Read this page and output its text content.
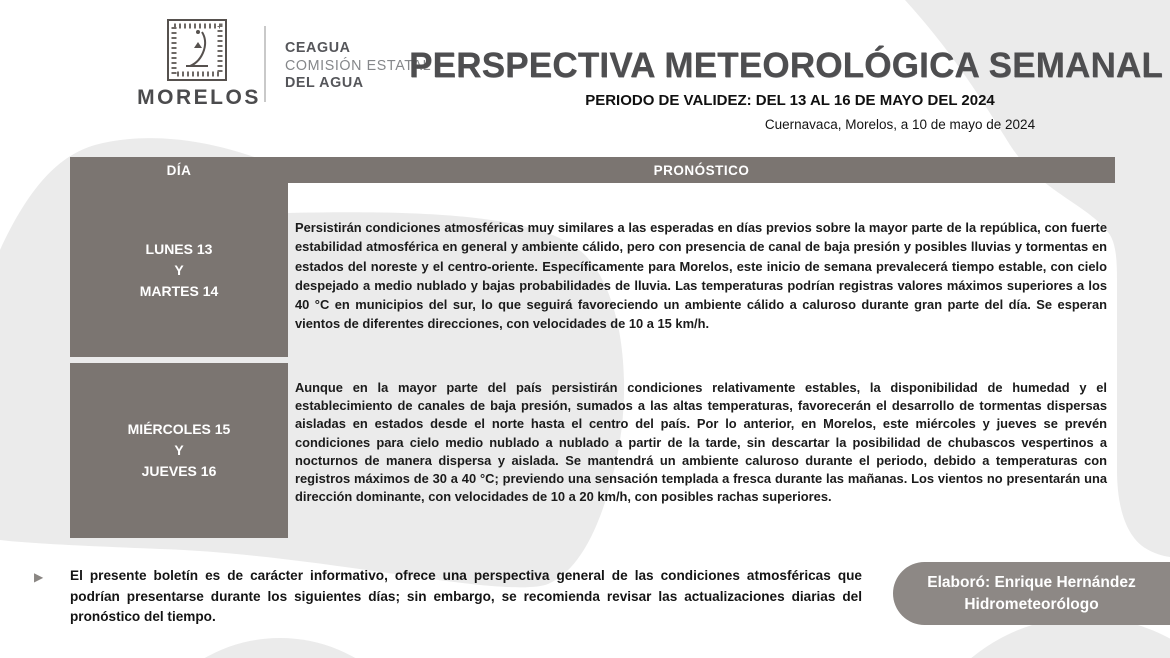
MORELOS
CEAGUA
COMISIÓN ESTATAL
DEL AGUA	PERSPECTIVA METEOROLÓGICA SEMANAL
PERIODO DE VALIDEZ: DEL 13 AL 16 DE MAYO DEL 2024
Cuernavaca, Morelos, a 10 de mayo de 2024
DÍA	PRONÓSTICO
LUNES 13
Y
MARTES 14
Persistirán condiciones atmosféricas muy similares a las esperadas en días previos sobre la mayor parte de la república, con fuerte estabilidad atmosférica en general y ambiente cálido, pero con presencia de canal de baja presión y posibles lluvias y tormentas en estados del noreste y el centro-oriente. Específicamente para Morelos, este inicio de semana prevalecerá tiempo estable, con cielo despejado a medio nublado y bajas probabilidades de lluvia. Las temperaturas podrían registras valores máximos superiores a los 40 °C en municipios del sur, lo que seguirá favoreciendo un ambiente cálido a caluroso durante gran parte del día. Se esperan vientos de diferentes direcciones, con velocidades de 10 a 15 km/h.
MIÉRCOLES 15
Y
JUEVES 16
Aunque en la mayor parte del país persistirán condiciones relativamente estables, la disponibilidad de humedad y el establecimiento de canales de baja presión, sumados a las altas temperaturas, favorecerán el desarrollo de tormentas dispersas aisladas en estados desde el norte hasta el centro del país. Por lo anterior, en Morelos, este miércoles y jueves se prevén condiciones para cielo medio nublado a nublado a partir de la tarde, sin descartar la posibilidad de chubascos vespertinos a nocturnos de manera dispersa y aislada. Se mantendrá un ambiente caluroso durante el periodo, debido a temperaturas con registros máximos de 30 a 40 °C; previendo una sensación templada a fresca durante las mañanas. Los vientos no presentarán una dirección dominante, con velocidades de 10 a 20 km/h, con posibles rachas superiores.
▶ El presente boletín es de carácter informativo, ofrece una perspectiva general de las condiciones atmosféricas que podrían presentarse durante los siguientes días; sin embargo, se recomienda revisar las actualizaciones diarias del pronóstico del tiempo.
Elaboró: Enrique Hernández
Hidrometeorólogo
